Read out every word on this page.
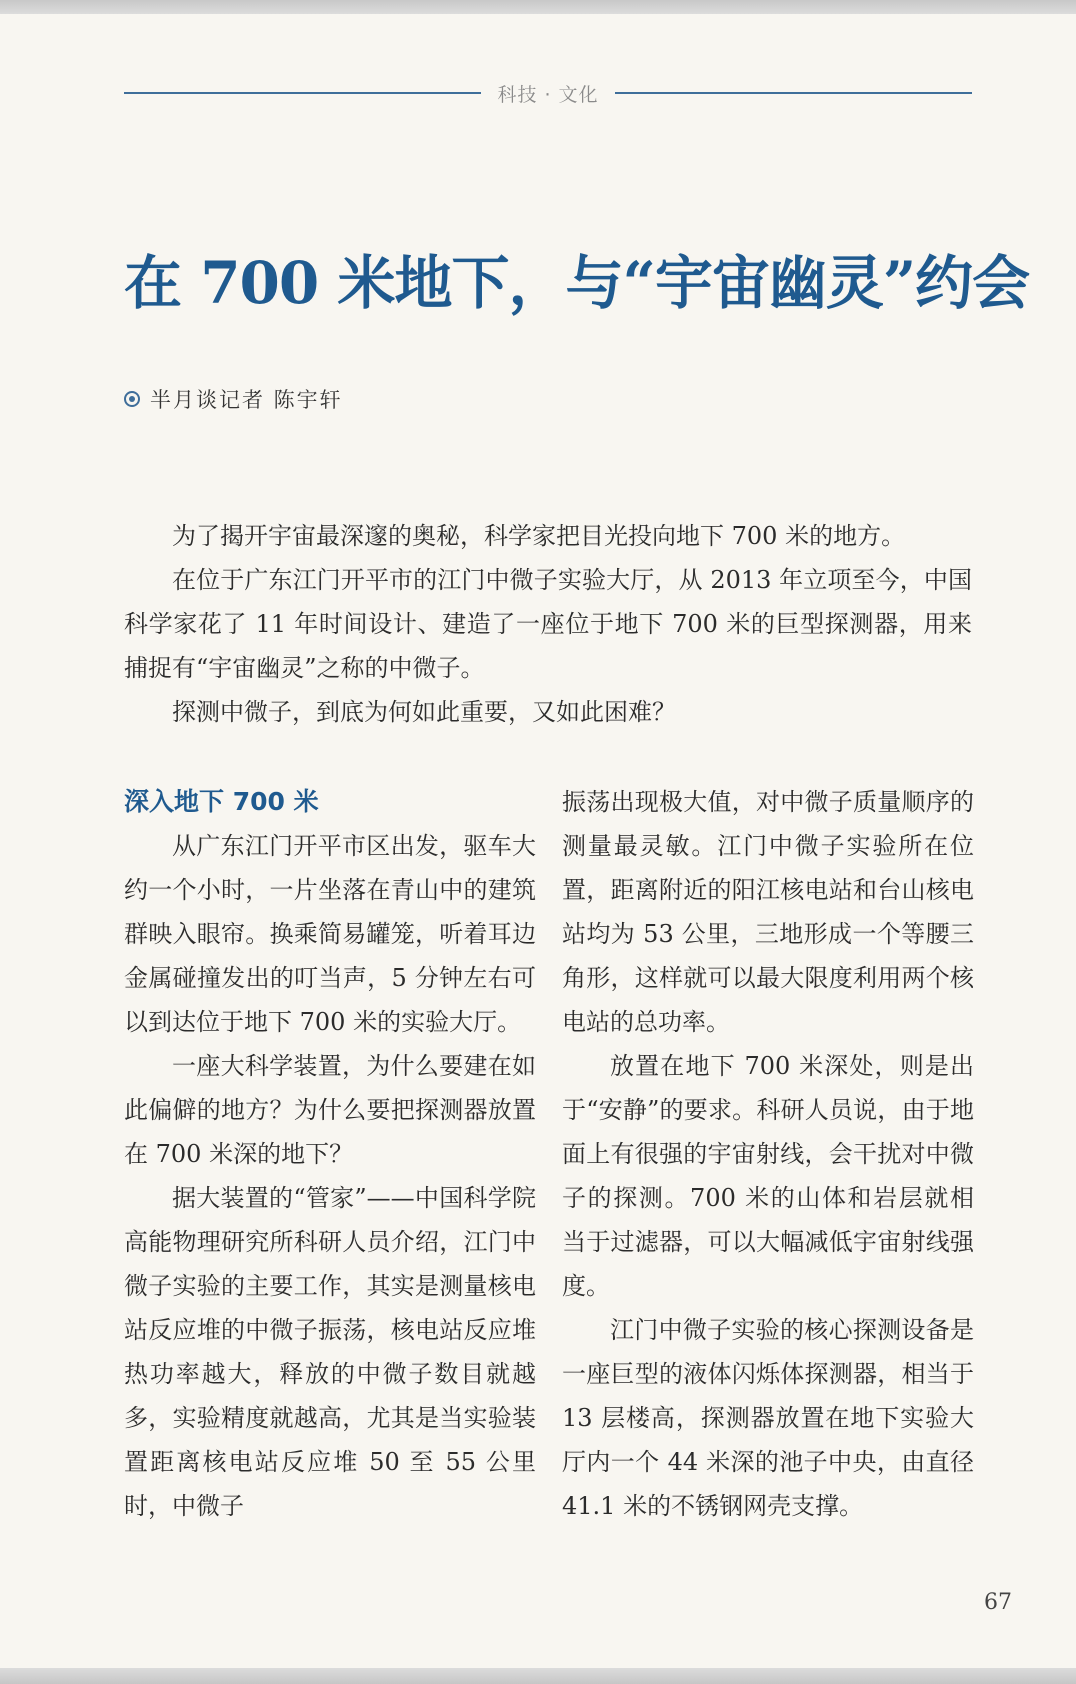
科技 · 文化
在 700 米地下，与“宇宙幽灵”约会
半月谈记者 陈宇轩

为了揭开宇宙最深邃的奥秘，科学家把目光投向地下 700 米的地方。

在位于广东江门开平市的江门中微子实验大厅，从 2013 年立项至今，中国科学家花了 11 年时间设计、建造了一座位于地下 700 米的巨型探测器，用来捕捉有“宇宙幽灵”之称的中微子。

探测中微子，到底为何如此重要，又如此困难？

深入地下 700 米

从广东江门开平市区出发，驱车大约一个小时，一片坐落在青山中的建筑群映入眼帘。换乘简易罐笼，听着耳边金属碰撞发出的叮当声，5 分钟左右可以到达位于地下 700 米的实验大厅。

一座大科学装置，为什么要建在如此偏僻的地方？为什么要把探测器放置在 700 米深的地下？

据大装置的“管家”——中国科学院高能物理研究所科研人员介绍，江门中微子实验的主要工作，其实是测量核电站反应堆的中微子振荡，核电站反应堆热功率越大，释放的中微子数目就越多，实验精度就越高，尤其是当实验装置距离核电站反应堆 50 至 55 公里时，中微子

振荡出现极大值，对中微子质量顺序的测量最灵敏。江门中微子实验所在位置，距离附近的阳江核电站和台山核电站均为 53 公里，三地形成一个等腰三角形，这样就可以最大限度利用两个核电站的总功率。

放置在地下 700 米深处，则是出于“安静”的要求。科研人员说，由于地面上有很强的宇宙射线，会干扰对中微子的探测。700 米的山体和岩层就相当于过滤器，可以大幅减低宇宙射线强度。

江门中微子实验的核心探测设备是一座巨型的液体闪烁体探测器，相当于 13 层楼高，探测器放置在地下实验大厅内一个 44 米深的池子中央，由直径 41.1 米的不锈钢网壳支撑。

67
